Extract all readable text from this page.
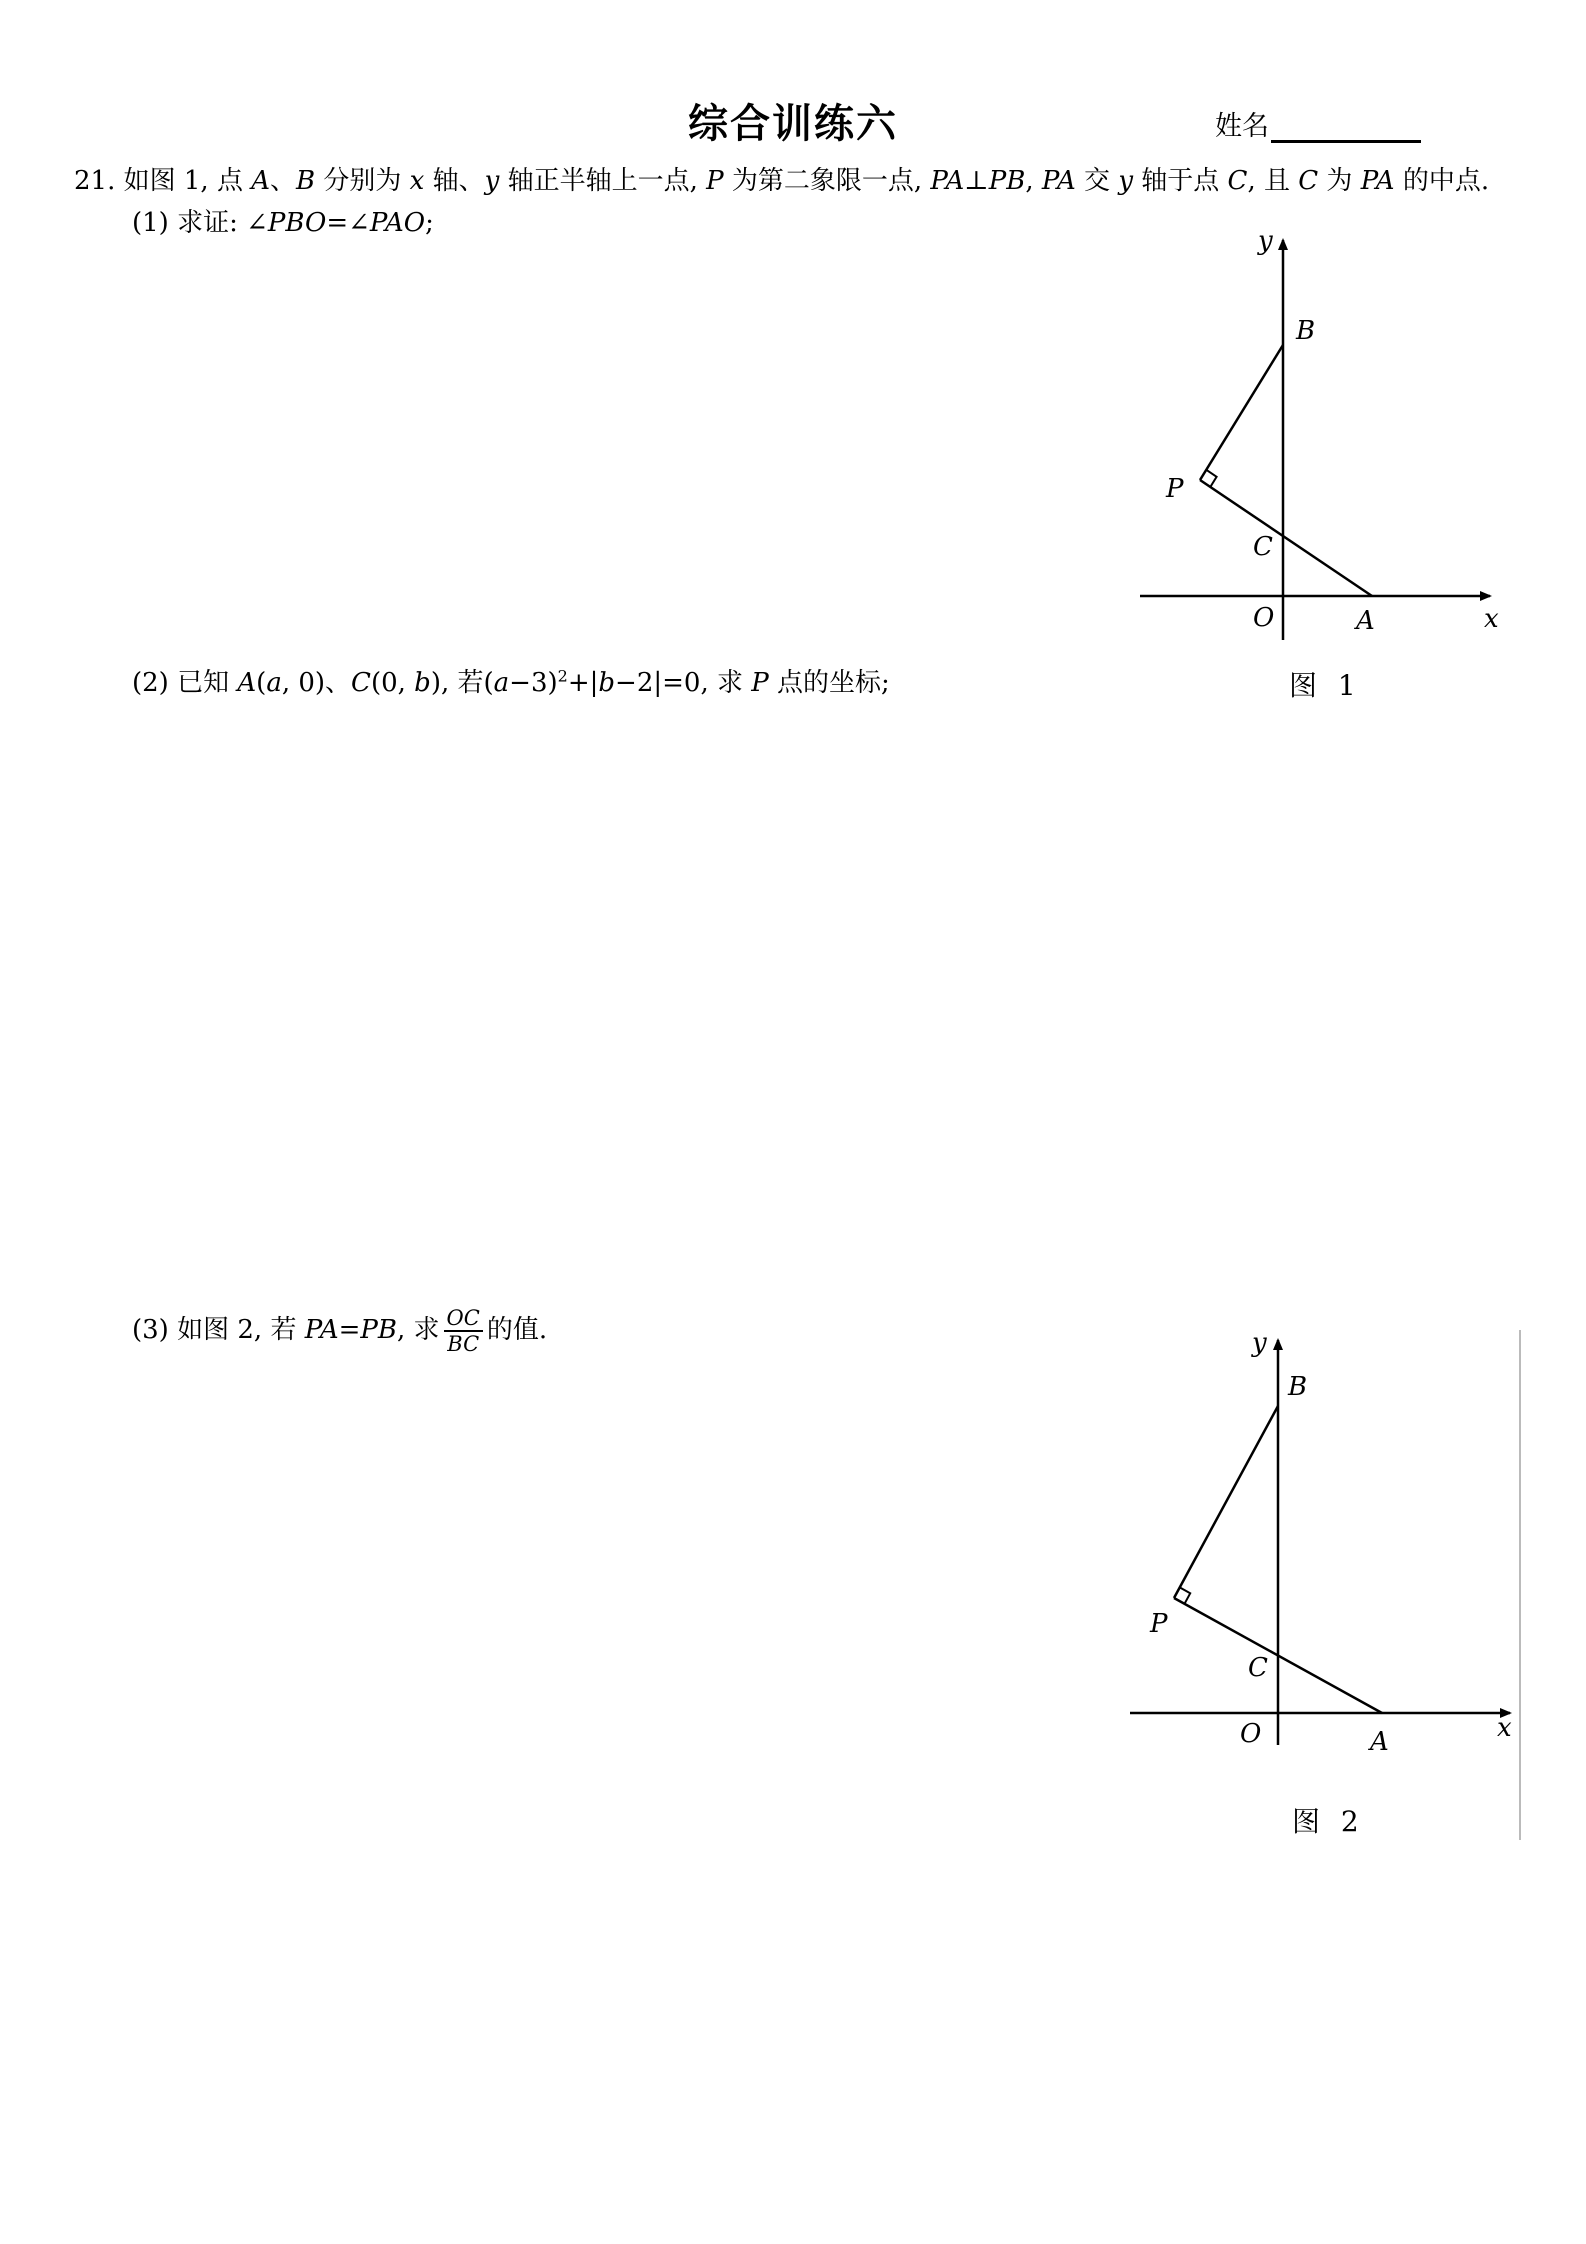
综合训练六	姓名
21. 如图 1, 点 A、B 分别为 x 轴、y 轴正半轴上一点, P 为第二象限一点, PA⊥PB, PA 交 y 轴于点 C, 且 C 为 PA 的中点.
(1) 求证: ∠PBO=∠PAO;
(2) 已知 A(a, 0)、C(0, b), 若$(a-3)^2+|b-2|=0$, 求 P 点的坐标;
(3) 如图 2, 若 PA=PB, 求 $\frac{OC}{BC}$ 的值.
y
B
P
C
O	A	x
图 1
y
B
P
C
O	A	x
图 2
